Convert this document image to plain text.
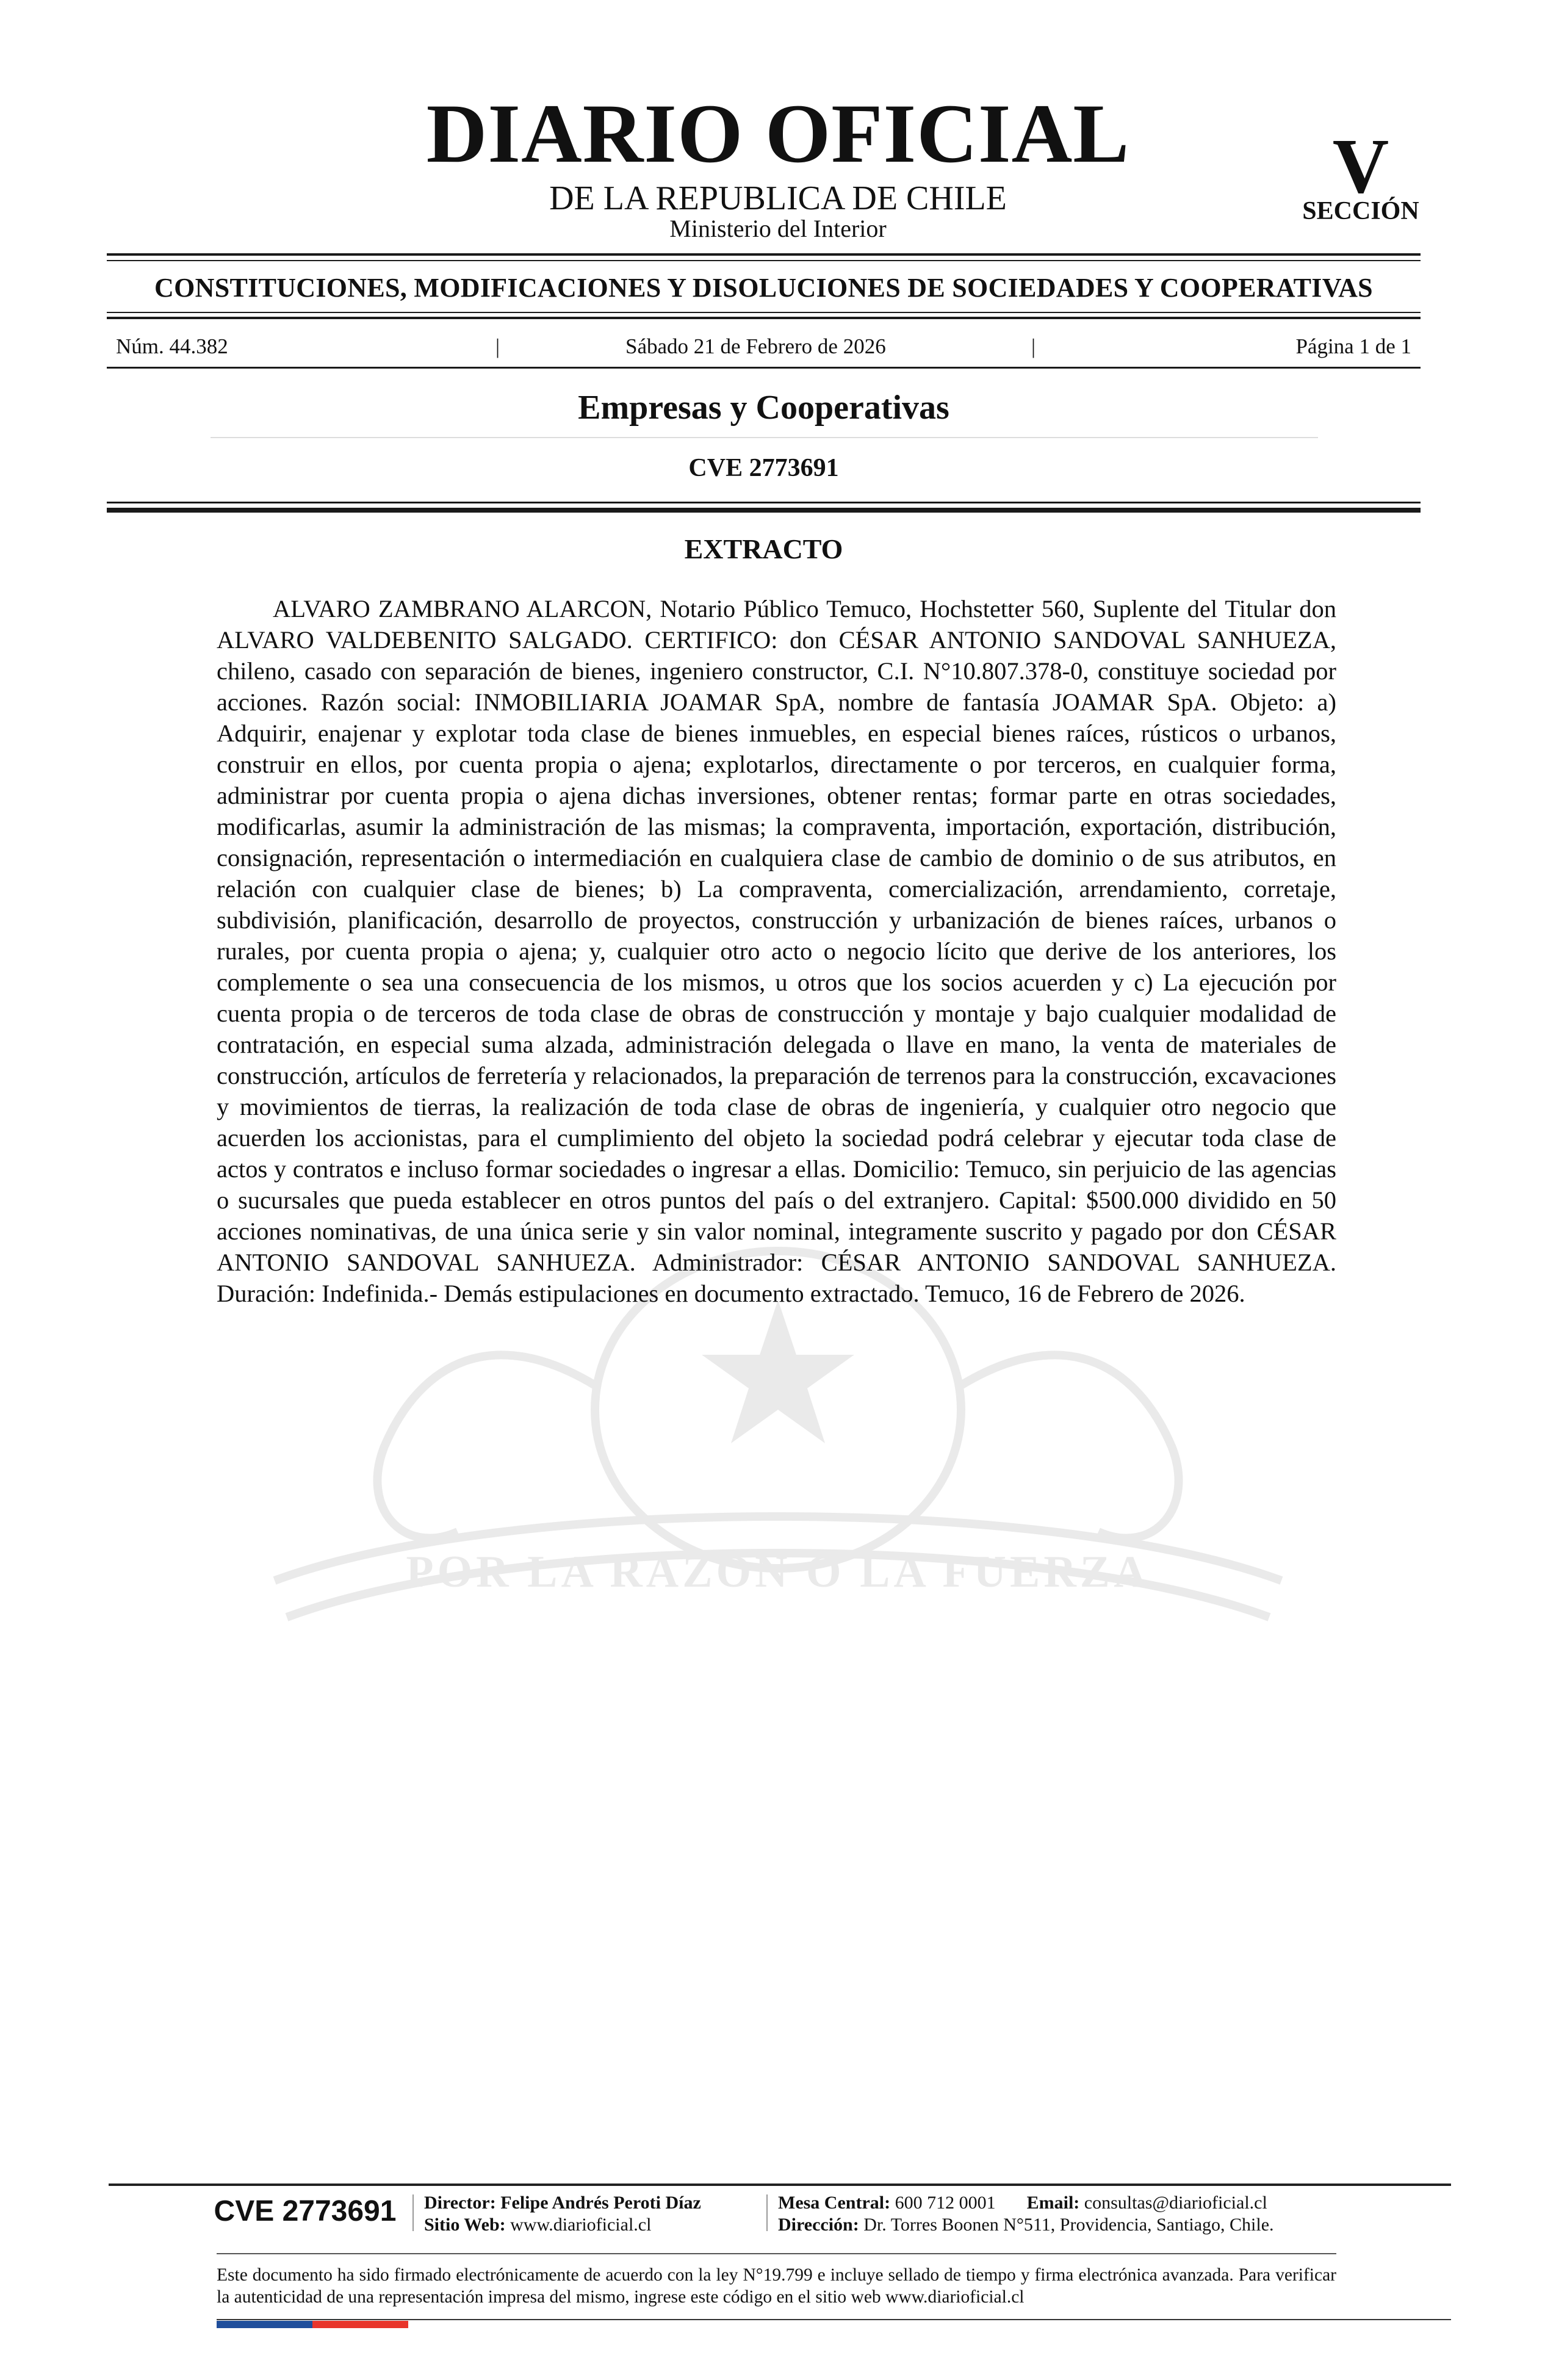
DIARIO OFICIAL
DE LA REPUBLICA DE CHILE
Ministerio del Interior
V
SECCIÓN
CONSTITUCIONES, MODIFICACIONES Y DISOLUCIONES DE SOCIEDADES Y COOPERATIVAS
Núm. 44.382	|	Sábado 21 de Febrero de 2026	|	Página 1 de 1
Empresas y Cooperativas
CVE 2773691
EXTRACTO

ALVARO ZAMBRANO ALARCON, Notario Público Temuco, Hochstetter 560, Suplente del Titular don ALVARO VALDEBENITO SALGADO. CERTIFICO: don CÉSAR ANTONIO SANDOVAL SANHUEZA, chileno, casado con separación de bienes, ingeniero constructor, C.I. N°10.807.378-0, constituye sociedad por acciones. Razón social: INMOBILIARIA JOAMAR SpA, nombre de fantasía JOAMAR SpA. Objeto: a) Adquirir, enajenar y explotar toda clase de bienes inmuebles, en especial bienes raíces, rústicos o urbanos, construir en ellos, por cuenta propia o ajena; explotarlos, directamente o por terceros, en cualquier forma, administrar por cuenta propia o ajena dichas inversiones, obtener rentas; formar parte en otras sociedades, modificarlas, asumir la administración de las mismas; la compraventa, importación, exportación, distribución, consignación, representación o intermediación en cualquiera clase de cambio de dominio o de sus atributos, en relación con cualquier clase de bienes; b) La compraventa, comercialización, arrendamiento, corretaje, subdivisión, planificación, desarrollo de proyectos, construcción y urbanización de bienes raíces, urbanos o rurales, por cuenta propia o ajena; y, cualquier otro acto o negocio lícito que derive de los anteriores, los complemente o sea una consecuencia de los mismos, u otros que los socios acuerden y c) La ejecución por cuenta propia o de terceros de toda clase de obras de construcción y montaje y bajo cualquier modalidad de contratación, en especial suma alzada, administración delegada o llave en mano, la venta de materiales de construcción, artículos de ferretería y relacionados, la preparación de terrenos para la construcción, excavaciones y movimientos de tierras, la realización de toda clase de obras de ingeniería, y cualquier otro negocio que acuerden los accionistas, para el cumplimiento del objeto la sociedad podrá celebrar y ejecutar toda clase de actos y contratos e incluso formar sociedades o ingresar a ellas. Domicilio: Temuco, sin perjuicio de las agencias o sucursales que pueda establecer en otros puntos del país o del extranjero. Capital: $500.000 dividido en 50 acciones nominativas, de una única serie y sin valor nominal, integramente suscrito y pagado por don CÉSAR ANTONIO SANDOVAL SANHUEZA. Administrador: CÉSAR ANTONIO SANDOVAL SANHUEZA. Duración: Indefinida.- Demás estipulaciones en documento extractado. Temuco, 16 de Febrero de 2026.

POR LA RAZON O LA FUERZA
CVE 2773691	Director: Felipe Andrés Peroti Díaz
Sitio Web: www.diarioficial.cl
Mesa Central: 600 712 0001 Email: consultas@diarioficial.cl
Dirección: Dr. Torres Boonen N°511, Providencia, Santiago, Chile.

Este documento ha sido firmado electrónicamente de acuerdo con la ley N°19.799 e incluye sellado de tiempo y firma electrónica avanzada. Para verificar la autenticidad de una representación impresa del mismo, ingrese este código en el sitio web www.diarioficial.cl
